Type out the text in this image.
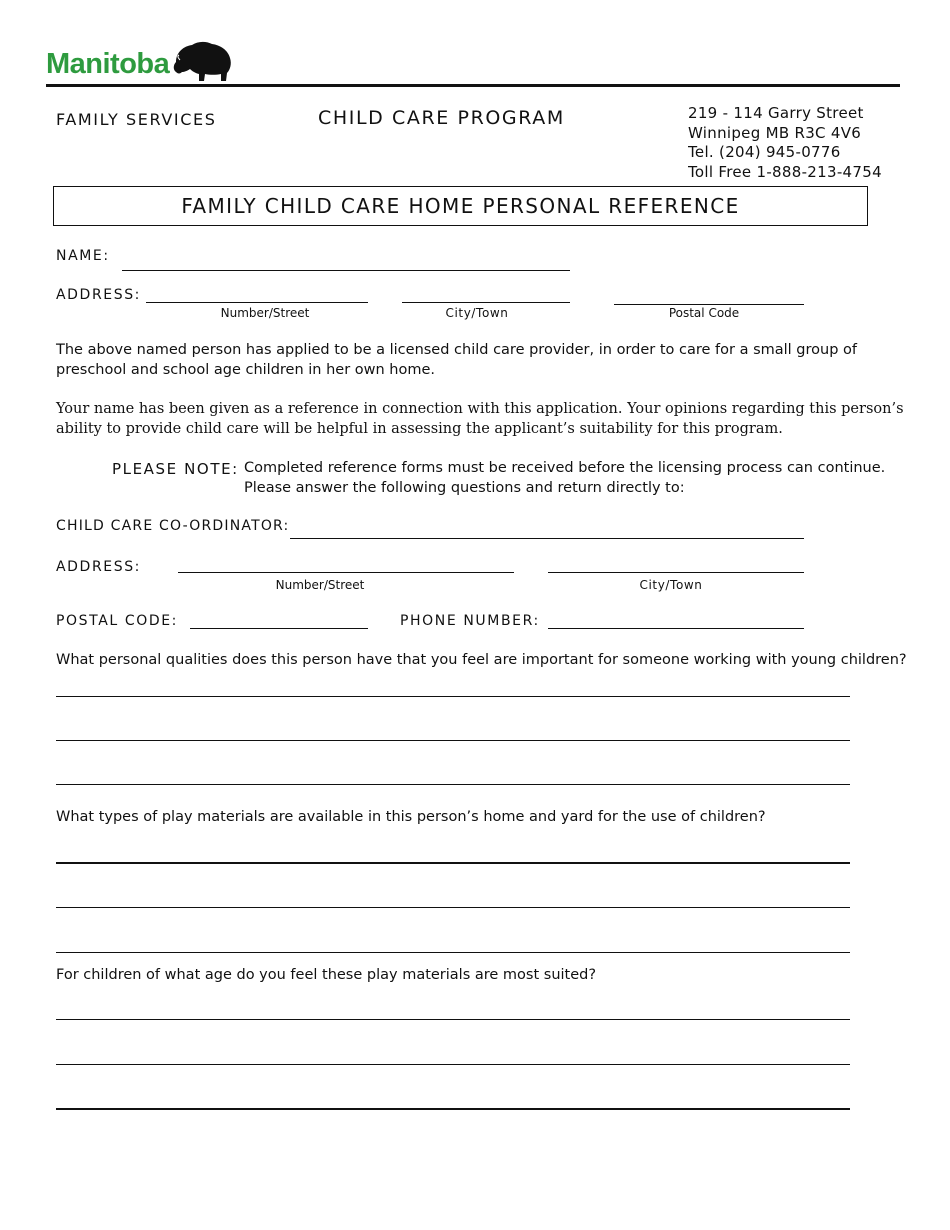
Manitoba
FAMILY SERVICES	CHILD CARE PROGRAM	219 - 114 Garry Street
Winnipeg MB R3C 4V6
Tel. (204) 945-0776
Toll Free 1-888-213-4754
FAMILY CHILD CARE HOME PERSONAL REFERENCE
NAME:
ADDRESS:
Number/Street	City/Town	Postal Code
The above named person has applied to be a licensed child care provider, in order to care for a small group of
preschool and school age children in her own home.
Your name has been given as a reference in connection with this application. Your opinions regarding this person’s
ability to provide child care will be helpful in assessing the applicant’s suitability for this program.
PLEASE NOTE: Completed reference forms must be received before the licensing process can continue.
Please answer the following questions and return directly to:
CHILD CARE CO-ORDINATOR:
ADDRESS:
Number/Street	City/Town
POSTAL CODE:	PHONE NUMBER:
What personal qualities does this person have that you feel are important for someone working with young children?
What types of play materials are available in this person’s home and yard for the use of children?
For children of what age do you feel these play materials are most suited?
